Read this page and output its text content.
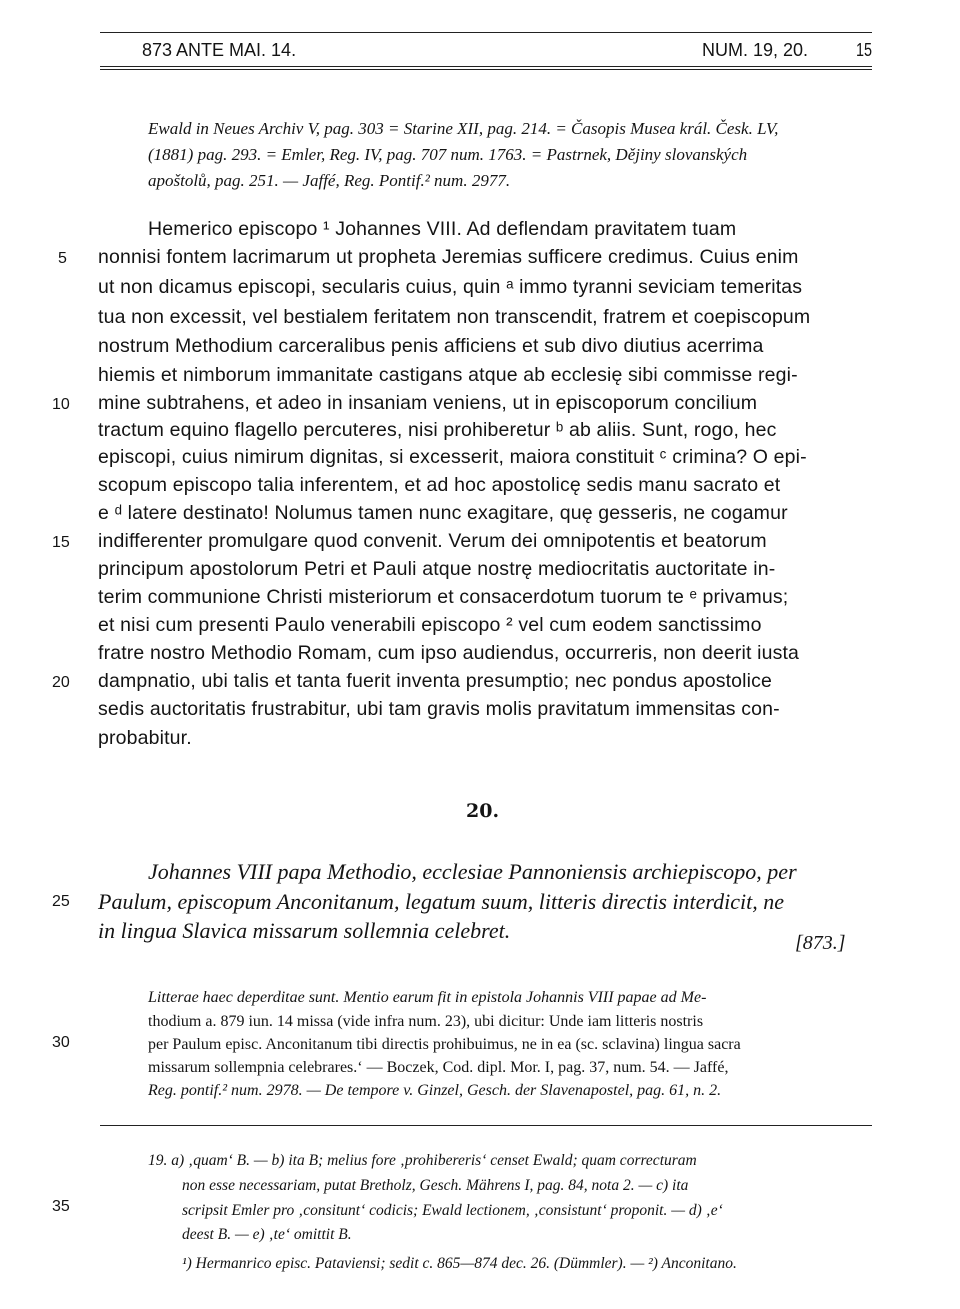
873 ANTE MAI. 14.	NUM. 19, 20.	15
Ewald in Neues Archiv V, pag. 303 = Starine XII, pag. 214. = Časopis Musea král. Česk. LV,
(1881) pag. 293. = Emler, Reg. IV, pag. 707 num. 1763. = Pastrnek, Dějiny slovanských
apoštolů, pag. 251. — Jaffé, Reg. Pontif.² num. 2977.
Hemerico episcopo ¹ Johannes VIII. Ad deflendam pravitatem tuam
nonnisi fontem lacrimarum ut propheta Jeremias sufficere credimus. Cuius enim
ut non dicamus episcopi, secularis cuius, quin ᵃ immo tyranni seviciam temeritas
tua non excessit, vel bestialem feritatem non transcendit, fratrem et coepiscopum
nostrum Methodium carceralibus penis afficiens et sub divo diutius acerrima
hiemis et nimborum immanitate castigans atque ab ecclesię sibi commisse regi-
mine subtrahens, et adeo in insaniam veniens, ut in episcoporum concilium
tractum equino flagello percuteres, nisi prohiberetur ᵇ ab aliis. Sunt, rogo, hec
episcopi, cuius nimirum dignitas, si excesserit, maiora constituit ᶜ crimina? O epi-
scopum episcopo talia inferentem, et ad hoc apostolicę sedis manu sacrato et
e ᵈ latere destinato! Nolumus tamen nunc exagitare, quę gesseris, ne cogamur
indifferenter promulgare quod convenit. Verum dei omnipotentis et beatorum
principum apostolorum Petri et Pauli atque nostrę mediocritatis auctoritate in-
terim communione Christi misteriorum et consacerdotum tuorum te ᵉ privamus;
et nisi cum presenti Paulo venerabili episcopo ² vel cum eodem sanctissimo
fratre nostro Methodio Romam, cum ipso audiendus, occurreris, non deerit iusta
dampnatio, ubi talis et tanta fuerit inventa presumptio; nec pondus apostolice
sedis auctoritatis frustrabitur, ubi tam gravis molis pravitatum immensitas con-
probabitur.
5
10
15
20
25
30
35
20.
Johannes VIII papa Methodio, ecclesiae Pannoniensis archiepiscopo, per
Paulum, episcopum Anconitanum, legatum suum, litteris directis interdicit, ne
in lingua Slavica missarum sollemnia celebret.	[873.]
Litterae haec deperditae sunt. Mentio earum fit in epistola Johannis VIII papae ad Me-
thodium a. 879 iun. 14 missa (vide infra num. 23), ubi dicitur: Unde iam litteris nostris
per Paulum episc. Anconitanum tibi directis prohibuimus, ne in ea (sc. sclavina) lingua sacra
missarum sollempnia celebrares.‘ — Boczek, Cod. dipl. Mor. I, pag. 37, num. 54. — Jaffé,
Reg. pontif.² num. 2978. — De tempore v. Ginzel, Gesch. der Slavenapostel, pag. 61, n. 2.
19. a) ‚quam‘ B. — b) ita B; melius fore ‚prohibereris‘ censet Ewald; quam correcturam
non esse necessariam, putat Bretholz, Gesch. Mährens I, pag. 84, nota 2. — c) ita
scripsit Emler pro ‚consitunt‘ codicis; Ewald lectionem, ‚consistunt‘ proponit. — d) ‚e‘
deest B. — e) ‚te‘ omittit B.
¹) Hermanrico episc. Pataviensi; sedit c. 865—874 dec. 26. (Dümmler). — ²) Anconitano.
